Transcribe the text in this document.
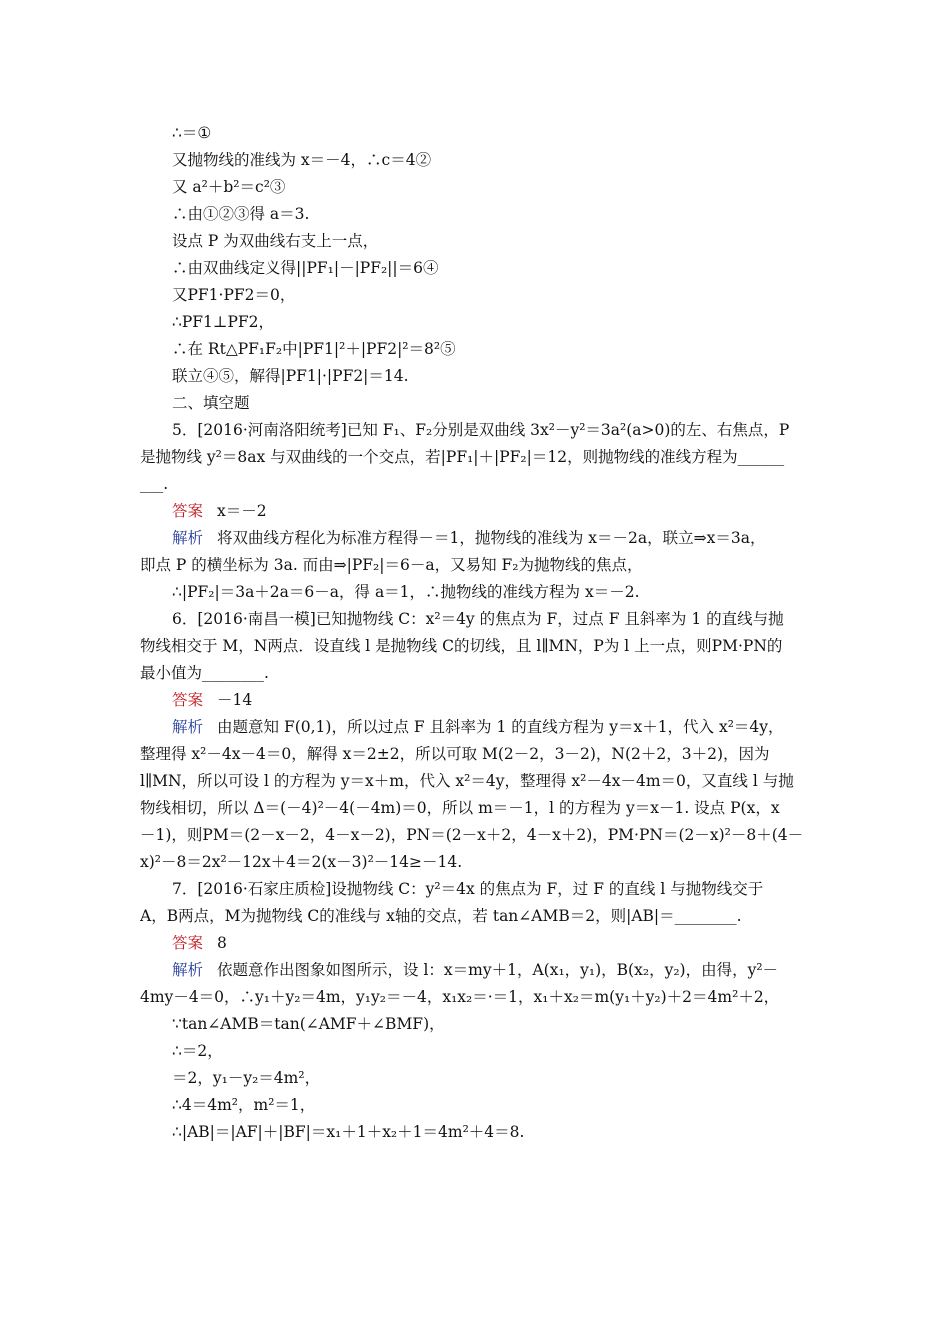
∴＝①
又抛物线的准线为 x＝－4，∴c＝4②
又 a²＋b²＝c²③
∴由①②③得 a＝3.
设点 P 为双曲线右支上一点，
∴由双曲线定义得||PF₁|－|PF₂||＝6④
又PF1·PF2＝0，
∴PF1⊥PF2，
∴在 Rt△PF₁F₂中|PF1|²＋|PF2|²＝8²⑤
联立④⑤，解得|PF1|·|PF2|＝14.
二、填空题
5．[2016·河南洛阳统考]已知 F₁、F₂分别是双曲线 3x²－y²＝3a²(a>0)的左、右焦点，P
是抛物线 y²＝8ax 与双曲线的一个交点，若|PF₁|＋|PF₂|＝12，则抛物线的准线方程为______
___.
答案 x＝－2
解析 将双曲线方程化为标准方程得－＝1，抛物线的准线为 x＝－2a，联立⇒x＝3a，
即点 P 的横坐标为 3a. 而由⇒|PF₂|＝6－a，又易知 F₂为抛物线的焦点，
∴|PF₂|＝3a＋2a＝6－a，得 a＝1，∴抛物线的准线方程为 x＝－2.
6．[2016·南昌一模]已知抛物线 C：x²＝4y 的焦点为 F，过点 F 且斜率为 1 的直线与抛
物线相交于 M，N两点．设直线 l 是抛物线 C的切线，且 l∥MN，P为 l 上一点，则PM·PN的
最小值为________.
答案 －14
解析 由题意知 F(0,1)，所以过点 F 且斜率为 1 的直线方程为 y＝x＋1，代入 x²＝4y，
整理得 x²－4x－4＝0，解得 x＝2±2，所以可取 M(2－2，3－2)，N(2＋2，3＋2)，因为
l∥MN，所以可设 l 的方程为 y＝x＋m，代入 x²＝4y，整理得 x²－4x－4m＝0，又直线 l 与抛
物线相切，所以 Δ＝(－4)²－4(－4m)＝0，所以 m＝－1，l 的方程为 y＝x－1. 设点 P(x，x
－1)，则PM＝(2－x－2，4－x－2)，PN＝(2－x＋2，4－x＋2)，PM·PN＝(2－x)²－8＋(4－
x)²－8＝2x²－12x＋4＝2(x－3)²－14≥－14.
7．[2016·石家庄质检]设抛物线 C：y²＝4x 的焦点为 F，过 F 的直线 l 与抛物线交于
A，B两点，M为抛物线 C的准线与 x轴的交点，若 tan∠AMB＝2，则|AB|＝________.
答案 8
解析 依题意作出图象如图所示，设 l：x＝my＋1，A(x₁，y₁)，B(x₂，y₂)，由得，y²－
4my－4＝0，∴y₁＋y₂＝4m，y₁y₂＝－4，x₁x₂＝·＝1，x₁＋x₂＝m(y₁＋y₂)＋2＝4m²＋2，
∵tan∠AMB＝tan(∠AMF＋∠BMF)，
∴＝2，
＝2，y₁－y₂＝4m²，
∴4＝4m²，m²＝1，
∴|AB|＝|AF|＋|BF|＝x₁＋1＋x₂＋1＝4m²＋4＝8.
